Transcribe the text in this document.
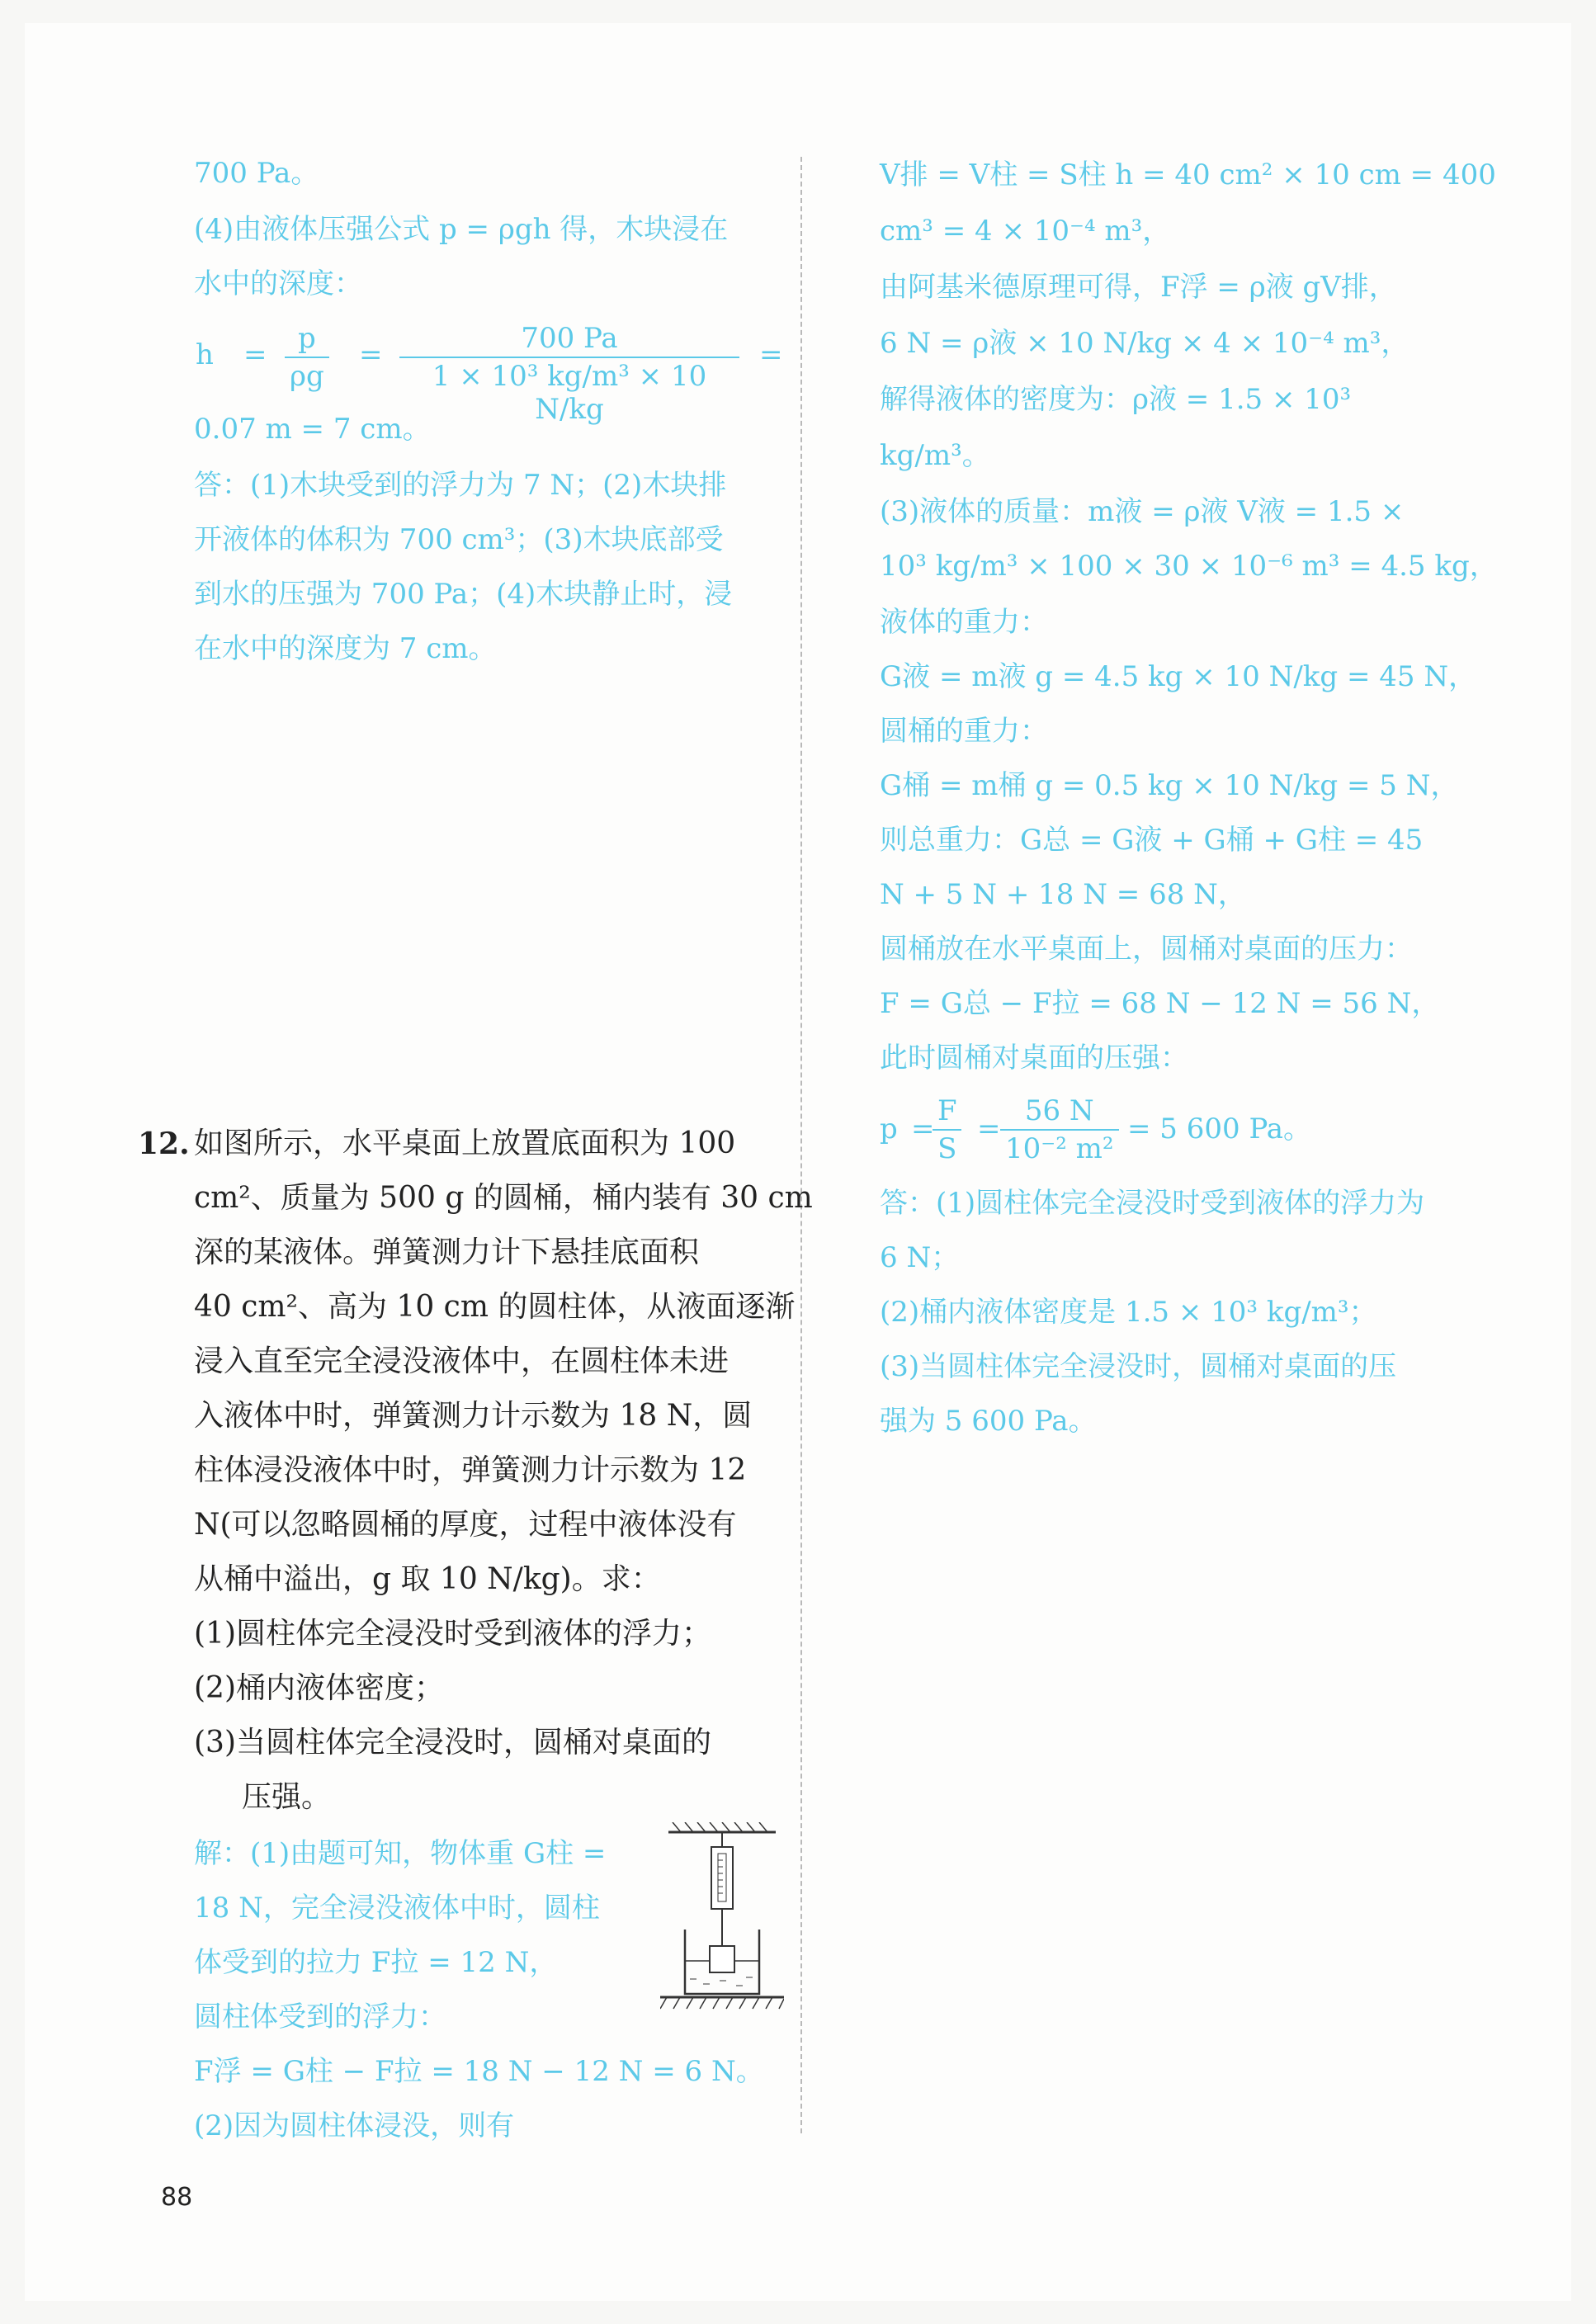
700 Pa。
(4)由液体压强公式 p = ρgh 得，木块浸在
水中的深度：
$h = \frac{p}{\rho g} = \frac{700 Pa}{\text{1 × 10³ kg/m³ × 10 N/kg}}$ =
0.07 m = 7 cm。
答：(1)木块受到的浮力为 7 N；(2)木块排
开液体的体积为 700 cm³；(3)木块底部受
到水的压强为 700 Pa；(4)木块静止时，浸
在水中的深度为 7 cm。
12. 如图所示，水平桌面上放置底面积为 100
cm²、质量为 500 g 的圆桶，桶内装有 30 cm
深的某液体。弹簧测力计下悬挂底面积
40 cm²、高为 10 cm 的圆柱体，从液面逐渐
浸入直至完全浸没液体中，在圆柱体未进
入液体中时，弹簧测力计示数为 18 N，圆
柱体浸没液体中时，弹簧测力计示数为 12
N(可以忽略圆桶的厚度，过程中液体没有
从桶中溢出，g 取 10 N/kg)。求：
(1)圆柱体完全浸没时受到液体的浮力；
(2)桶内液体密度；
(3)当圆柱体完全浸没时，圆桶对桌面的
压强。
解：(1)由题可知，物体重 G柱 =
18 N，完全浸没液体中时，圆柱
体受到的拉力 F拉 = 12 N，
圆柱体受到的浮力：
F浮 = G柱 − F拉 = 18 N − 12 N = 6 N。
(2)因为圆柱体浸没，则有
V排 = V柱 = S柱 h = 40 cm² × 10 cm = 400
cm³ = 4 × 10⁻⁴ m³，
由阿基米德原理可得，F浮 = ρ液 gV排，
6 N = ρ液 × 10 N/kg × 4 × 10⁻⁴ m³，
解得液体的密度为：ρ液 = 1.5 × 10³
kg/m³。
(3)液体的质量：m液 = ρ液 V液 = 1.5 ×
10³ kg/m³ × 100 × 30 × 10⁻⁶ m³ = 4.5 kg，
液体的重力：
G液 = m液 g = 4.5 kg × 10 N/kg = 45 N，
圆桶的重力：
G桶 = m桶 g = 0.5 kg × 10 N/kg = 5 N，
则总重力：G总 = G液 + G桶 + G柱 = 45
N + 5 N + 18 N = 68 N，
圆桶放在水平桌面上，圆桶对桌面的压力：
F = G总 − F拉 = 68 N − 12 N = 56 N，
此时圆桶对桌面的压强：
p =
$\frac{F}{S} = \frac{56 N}{\text{10⁻² m²}} = 5$ 600 Pa。
答：(1)圆柱体完全浸没时受到液体的浮力为
6 N；
(2)桶内液体密度是 1.5 × 10³ kg/m³；
(3)当圆柱体完全浸没时，圆桶对桌面的压
强为 5 600 Pa。
88
